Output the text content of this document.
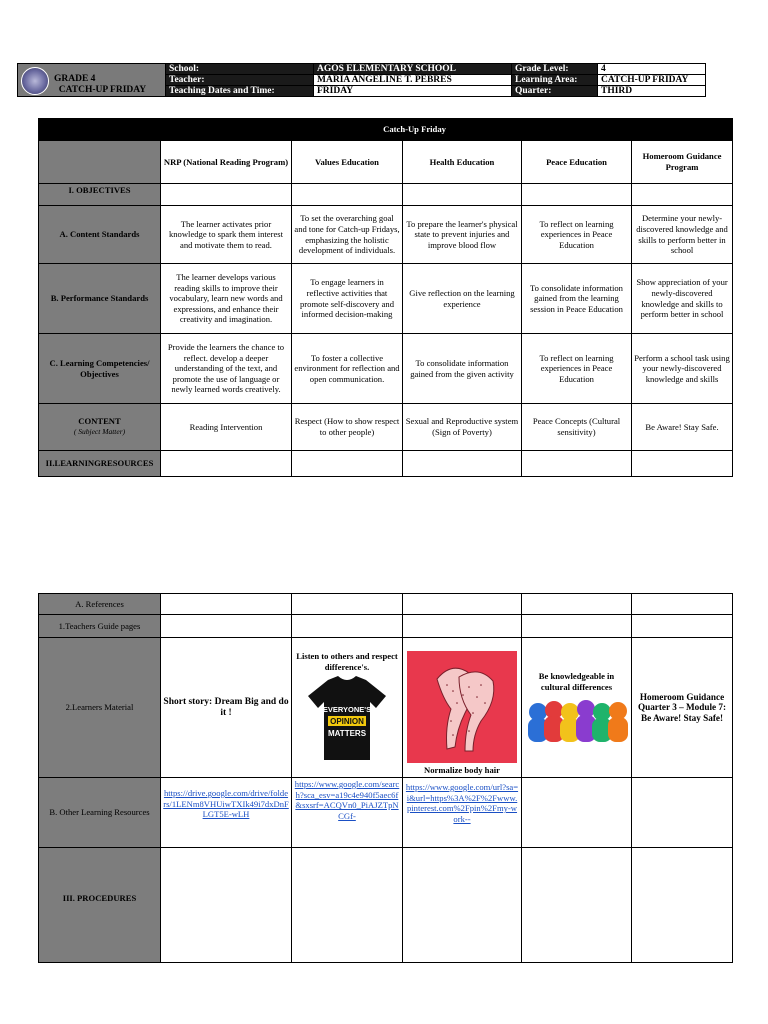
GRADE 4
CATCH-UP FRIDAY	School:	AGOS ELEMENTARY SCHOOL	Grade Level:	4
	Teacher:	MARIA ANGELINE T. PEBRES	Learning Area:	CATCH-UP FRIDAY
	Teaching Dates and Time:	FRIDAY	Quarter:	THIRD
Catch-Up Friday					
	NRP (National Reading Program)	Values Education	Health Education	Peace Education	Homeroom Guidance Program
I. OBJECTIVES					
A. Content Standards	The learner activates prior knowledge to spark them interest and motivate them to read.	To set the overarching goal and tone for Catch-up Fridays, emphasizing the holistic development of individuals.	To prepare the learner's physical state to prevent injuries and improve blood flow	To reflect on learning experiences in Peace Education	Determine your newly-discovered knowledge and skills to perform better in school
B. Performance Standards	The learner develops various reading skills to improve their vocabulary, learn new words and expressions, and enhance their creativity and imagination.	To engage learners in reflective activities that promote self-discovery and informed decision-making	Give reflection on the learning experience	To consolidate information gained from the learning session in Peace Education	Show appreciation of your newly-discovered knowledge and skills to perform better in school
C. Learning Competencies/ Objectives	Provide the learners the chance to reflect. develop a deeper understanding of the text, and promote the use of language or newly learned words creatively.	To foster a collective environment for reflection and open communication.	To consolidate information gained from the given activity	To reflect on learning experiences in Peace Education	Perform a school task using your newly-discovered knowledge and skills
CONTENT
( Subject Matter)	Reading Intervention	Respect (How to show respect to other people)	Sexual and Reproductive system (Sign of Poverty)	Peace Concepts (Cultural sensitivity)	Be Aware! Stay Safe.
II.LEARNINGRESOURCES					
A. References					
1.Teachers Guide pages					
2.Learners Material	Short story: Dream Big and do it !	Listen to others and respect difference's.
EVERYONE'S
OPINION
MATTERS	Normalize body hair	Be knowledgeable in cultural differences	Homeroom Guidance Quarter 3 – Module 7: Be Aware! Stay Safe!
B. Other Learning Resources	https://drive.google.com/drive/folders/1LENm8VHUiwTXIk49i7dxDnFLGT5E-wLH	https://www.google.com/search?sca_esv=a19c4e940f5aec6f&sxsrf=ACQVn0_PiAJZTpNCGf-	https://www.google.com/url?sa=i&url=https%3A%2F%2Fwww.pinterest.com%2Fpin%2Fmy-work--		
III. PROCEDURES					
